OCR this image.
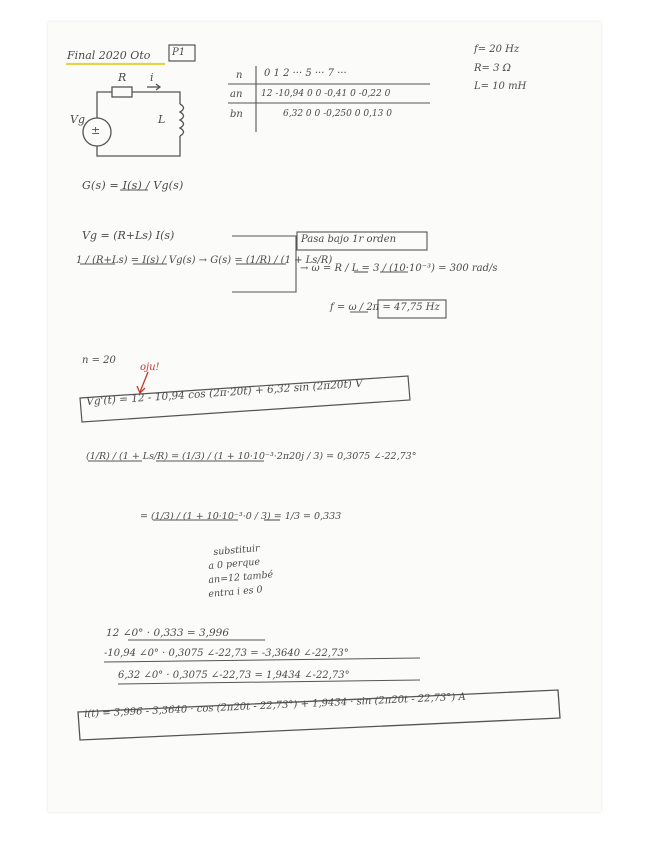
Final 2020 Oto P1	f= 20 Hz
R= 3 Ω
L= 10 mH
R i
L
Vg
±
n 0 1 2 ··· 5 ··· 7 ···
an 12 -10,94 0 0 -0,41 0 -0,22 0
bn	6,32 0 0 -0,250 0 0,13 0
G(s) = I(s) / Vg(s)
Vg = (R+Ls) I(s)
1 / (R+Ls) = I(s) / Vg(s) → G(s) = (1/R) / (1 + Ls/R)
Pasa bajo 1r orden
→ ω = R / L = 3 / (10·10⁻³) = 300 rad/s
f = ω / 2π = 47,75 Hz
n = 20
oju!
Vg'(t) = 12 - 10,94 cos (2π·20t) + 6,32 sin (2π20t) V
(1/R) / (1 + Ls/R) = (1/3) / (1 + 10·10⁻³·2π20j / 3) = 0,3075 ∠-22,73°
= (1/3) / (1 + 10·10⁻³·0 / 3) = 1/3 = 0,333
substituir
a 0 perque
an=12 també
entra i es 0
12 ∠0° · 0,333 = 3,996
-10,94 ∠0° · 0,3075 ∠-22,73 = -3,3640 ∠-22,73°
6,32 ∠0° · 0,3075 ∠-22,73 = 1,9434 ∠-22,73°
i(t) = 3,996 - 3,3640 · cos (2π20t - 22,73°) + 1,9434 · sin (2π20t - 22,73°) A
